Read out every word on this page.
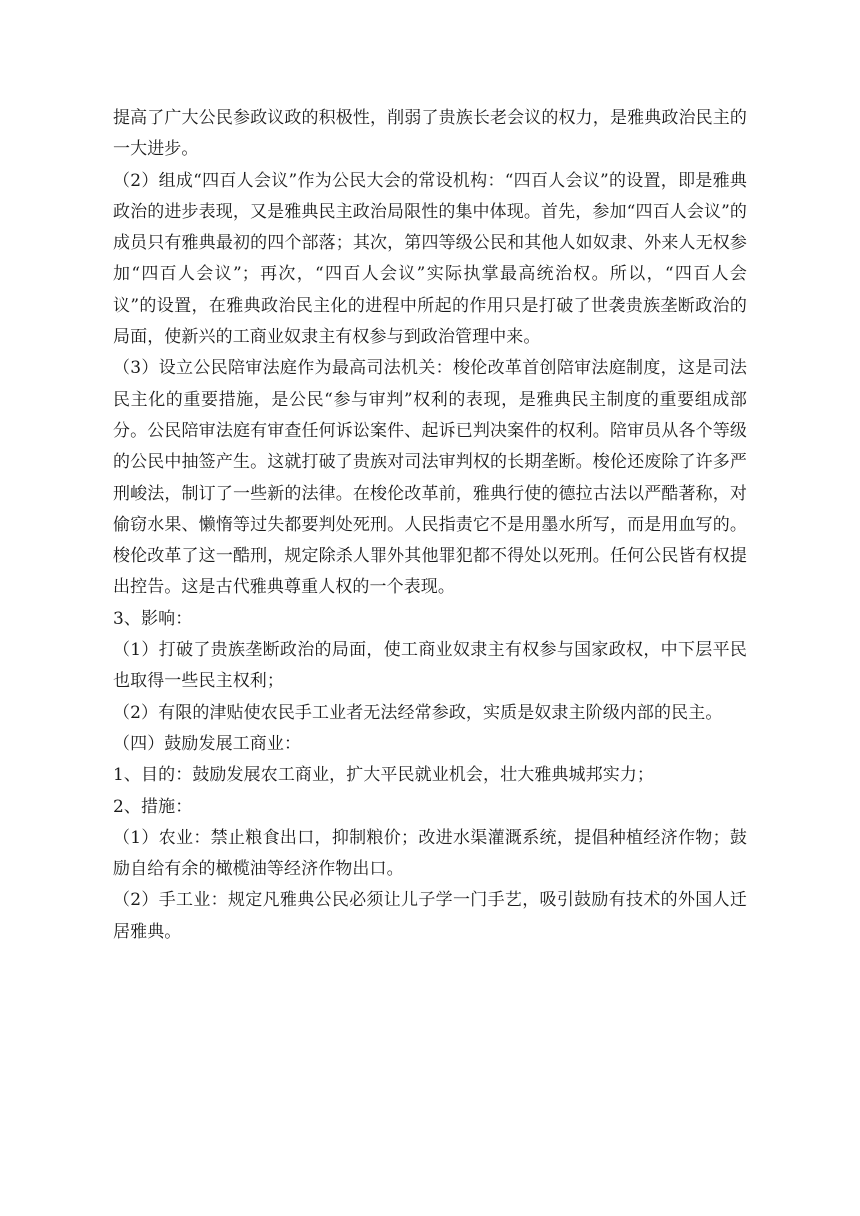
提高了广大公民参政议政的积极性，削弱了贵族长老会议的权力，是雅典政治民主的一大进步。

（2）组成“四百人会议”作为公民大会的常设机构：“四百人会议”的设置，即是雅典政治的进步表现，又是雅典民主政治局限性的集中体现。首先，参加“四百人会议”的成员只有雅典最初的四个部落；其次，第四等级公民和其他人如奴隶、外来人无权参加“四百人会议”；再次，“四百人会议”实际执掌最高统治权。所以，“四百人会议”的设置，在雅典政治民主化的进程中所起的作用只是打破了世袭贵族垄断政治的局面，使新兴的工商业奴隶主有权参与到政治管理中来。

（3）设立公民陪审法庭作为最高司法机关：梭伦改革首创陪审法庭制度，这是司法民主化的重要措施，是公民“参与审判”权利的表现，是雅典民主制度的重要组成部分。公民陪审法庭有审查任何诉讼案件、起诉已判决案件的权利。陪审员从各个等级的公民中抽签产生。这就打破了贵族对司法审判权的长期垄断。梭伦还废除了许多严刑峻法，制订了一些新的法律。在梭伦改革前，雅典行使的德拉古法以严酷著称，对偷窃水果、懒惰等过失都要判处死刑。人民指责它不是用墨水所写，而是用血写的。梭伦改革了这一酷刑，规定除杀人罪外其他罪犯都不得处以死刑。任何公民皆有权提出控告。这是古代雅典尊重人权的一个表现。

3、影响：

（1）打破了贵族垄断政治的局面，使工商业奴隶主有权参与国家政权，中下层平民也取得一些民主权利；

（2）有限的津贴使农民手工业者无法经常参政，实质是奴隶主阶级内部的民主。

（四）鼓励发展工商业：

1、目的：鼓励发展农工商业，扩大平民就业机会，壮大雅典城邦实力；

2、措施：

（1）农业：禁止粮食出口，抑制粮价；改进水渠灌溉系统，提倡种植经济作物；鼓励自给有余的橄榄油等经济作物出口。

（2）手工业：规定凡雅典公民必须让儿子学一门手艺，吸引鼓励有技术的外国人迁居雅典。
